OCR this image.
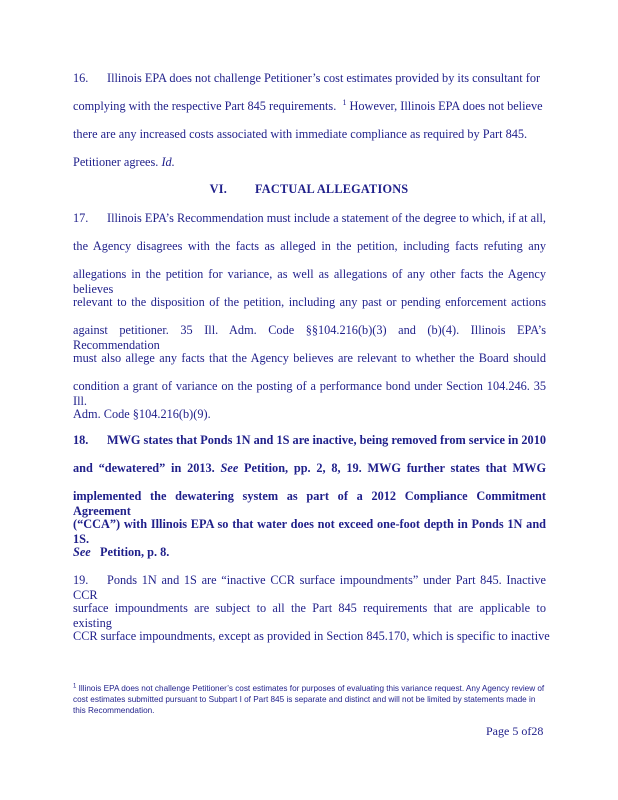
16. Illinois EPA does not challenge Petitioner’s cost estimates provided by its consultant for
complying with the respective Part 845 requirements. $^1$ However, Illinois EPA does not believe
there are any increased costs associated with immediate compliance as required by Part 845.
Petitioner agrees. Id.
VI. FACTUAL ALLEGATIONS
17. Illinois EPA’s Recommendation must include a statement of the degree to which, if at all,
the Agency disagrees with the facts as alleged in the petition, including facts refuting any
allegations in the petition for variance, as well as allegations of any other facts the Agency believes
relevant to the disposition of the petition, including any past or pending enforcement actions
against petitioner. 35 Ill. Adm. Code §§104.216(b)(3) and (b)(4). Illinois EPA’s Recommendation
must also allege any facts that the Agency believes are relevant to whether the Board should
condition a grant of variance on the posting of a performance bond under Section 104.246. 35 Ill.
Adm. Code §104.216(b)(9).
18. MWG states that Ponds 1N and 1S are inactive, being removed from service in 2010
and “dewatered” in 2013. See Petition, pp. 2, 8, 19. MWG further states that MWG
implemented the dewatering system as part of a 2012 Compliance Commitment Agreement
(“CCA”) with Illinois EPA so that water does not exceed one-foot depth in Ponds 1N and 1S.
See Petition, p. 8.
19. Ponds 1N and 1S are “inactive CCR surface impoundments” under Part 845. Inactive CCR
surface impoundments are subject to all the Part 845 requirements that are applicable to existing
CCR surface impoundments, except as provided in Section 845.170, which is specific to inactive
$^1$ Illinois EPA does not challenge Petitioner’s cost estimates for purposes of evaluating this variance request. Any Agency review of cost estimates submitted pursuant to Subpart I of Part 845 is separate and distinct and will not be limited by statements made in this Recommendation.
Page 5 of28
